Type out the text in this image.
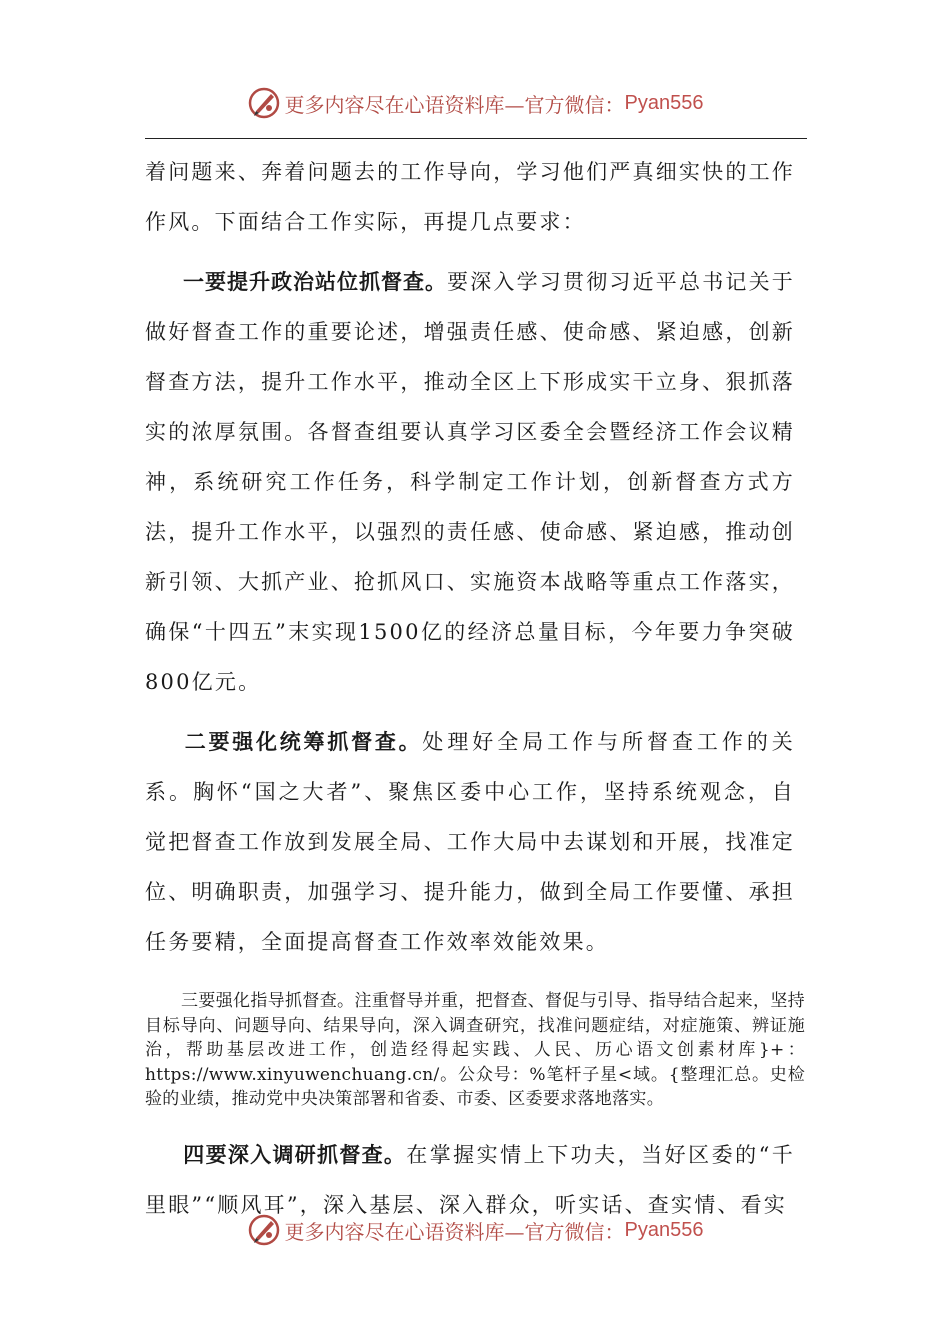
更多内容尽在心语资料库—官方微信： Pyan556

着问题来、奔着问题去的工作导向，学习他们严真细实快的工作作风。下面结合工作实际，再提几点要求：

一要提升政治站位抓督查。要深入学习贯彻习近平总书记关于做好督查工作的重要论述，增强责任感、使命感、紧迫感，创新督查方法，提升工作水平，推动全区上下形成实干立身、狠抓落实的浓厚氛围。各督查组要认真学习区委全会暨经济工作会议精神，系统研究工作任务，科学制定工作计划，创新督查方式方法，提升工作水平，以强烈的责任感、使命感、紧迫感，推动创新引领、大抓产业、抢抓风口、实施资本战略等重点工作落实，确保“十四五”末实现1500亿的经济总量目标，今年要力争突破800亿元。

二要强化统筹抓督查。处理好全局工作与所督查工作的关系。胸怀“国之大者”、聚焦区委中心工作，坚持系统观念，自觉把督查工作放到发展全局、工作大局中去谋划和开展，找准定位、明确职责，加强学习、提升能力，做到全局工作要懂、承担任务要精，全面提高督查工作效率效能效果。

三要强化指导抓督查。注重督导并重，把督查、督促与引导、指导结合起来，坚持目标导向、问题导向、结果导向，深入调查研究，找准问题症结，对症施策、辨证施治，帮助基层改进工作，创造经得起实践、人民、历心语文创素材库}+：https://www.xinyuwenchuang.cn/。公众号：%笔杆子星<域。{整理汇总。史检验的业绩，推动党中央决策部署和省委、市委、区委要求落地落实。

四要深入调研抓督查。在掌握实情上下功夫，当好区委的“千里眼”“顺风耳”，深入基层、深入群众，听实话、查实情、看实

更多内容尽在心语资料库—官方微信： Pyan556
